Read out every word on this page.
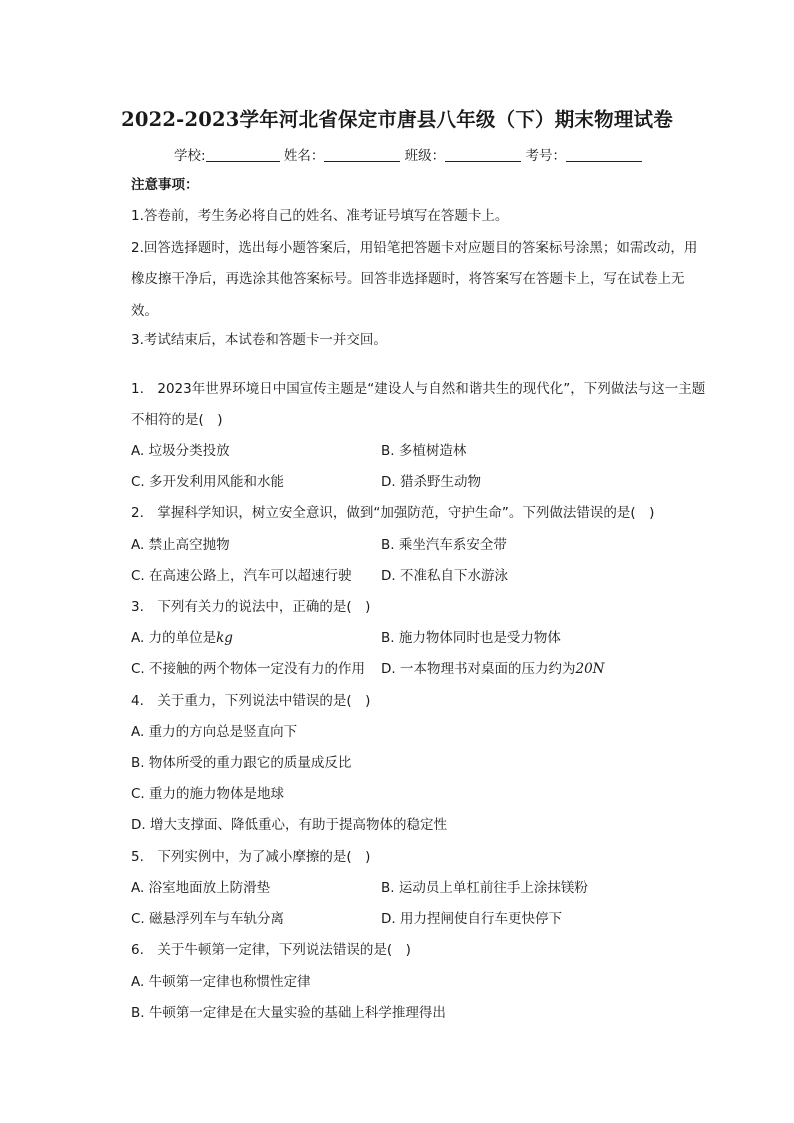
2022-2023学年河北省保定市唐县八年级（下）期末物理试卷
学校:	姓名：	班级：	考号：
注意事项：
1.答卷前，考生务必将自己的姓名、准考证号填写在答题卡上。
2.回答选择题时，选出每小题答案后，用铅笔把答题卡对应题目的答案标号涂黑；如需改动，用橡皮擦干净后，再选涂其他答案标号。回答非选择题时，将答案写在答题卡上，写在试卷上无效。
3.考试结束后，本试卷和答题卡一并交回。
1.　2023年世界环境日中国宣传主题是“建设人与自然和谐共生的现代化”，下列做法与这一主题不相符的是(　)
A. 垃圾分类投放	B. 多植树造林
C. 多开发利用风能和水能	D. 猎杀野生动物
2.　掌握科学知识，树立安全意识，做到“加强防范，守护生命”。下列做法错误的是(　)
A. 禁止高空抛物	B. 乘坐汽车系安全带
C. 在高速公路上，汽车可以超速行驶 D. 不准私自下水游泳
3.　下列有关力的说法中，正确的是(　)
A. 力的单位是kg	B. 施力物体同时也是受力物体
C. 不接触的两个物体一定没有力的作用 D. 一本物理书对桌面的压力约为20N
4.　关于重力，下列说法中错误的是(　)
A. 重力的方向总是竖直向下
B. 物体所受的重力跟它的质量成反比
C. 重力的施力物体是地球
D. 增大支撑面、降低重心，有助于提高物体的稳定性
5.　下列实例中，为了减小摩擦的是(　)
A. 浴室地面放上防滑垫	B. 运动员上单杠前往手上涂抹镁粉
C. 磁悬浮列车与车轨分离	D. 用力捏闸使自行车更快停下
6.　关于牛顿第一定律，下列说法错误的是(　)
A. 牛顿第一定律也称惯性定律
B. 牛顿第一定律是在大量实验的基础上科学推理得出
